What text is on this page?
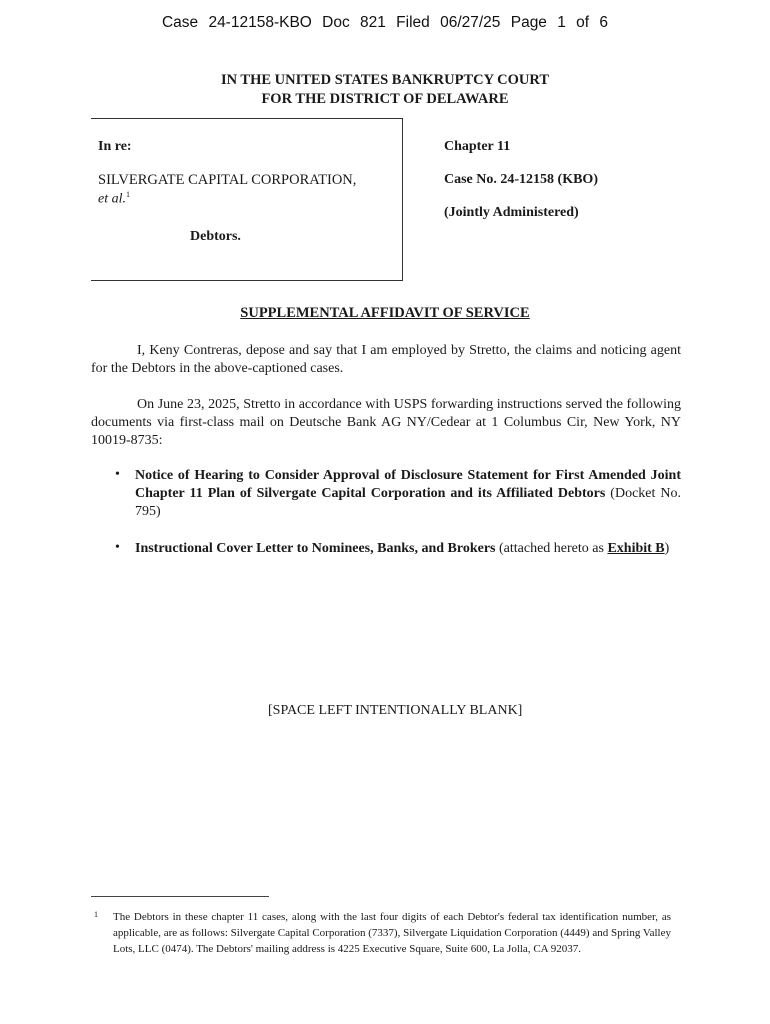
Case 24-12158-KBO Doc 821 Filed 06/27/25 Page 1 of 6
IN THE UNITED STATES BANKRUPTCY COURT
FOR THE DISTRICT OF DELAWARE
In re:
SILVERGATE CAPITAL CORPORATION,
et al.$^1$
Debtors.
Chapter 11
Case No. 24-12158 (KBO)
(Jointly Administered)
SUPPLEMENTAL AFFIDAVIT OF SERVICE
I, Keny Contreras, depose and say that I am employed by Stretto, the claims and noticing agent for the Debtors in the above-captioned cases.
On June 23, 2025, Stretto in accordance with USPS forwarding instructions served the following documents via first-class mail on Deutsche Bank AG NY/Cedear at 1 Columbus Cir, New York, NY 10019-8735:
• Notice of Hearing to Consider Approval of Disclosure Statement for First Amended Joint Chapter 11 Plan of Silvergate Capital Corporation and its Affiliated Debtors (Docket No. 795)
• Instructional Cover Letter to Nominees, Banks, and Brokers (attached hereto as Exhibit B)
[SPACE LEFT INTENTIONALLY BLANK]
1 The Debtors in these chapter 11 cases, along with the last four digits of each Debtor's federal tax identification number, as applicable, are as follows: Silvergate Capital Corporation (7337), Silvergate Liquidation Corporation (4449) and Spring Valley Lots, LLC (0474). The Debtors' mailing address is 4225 Executive Square, Suite 600, La Jolla, CA 92037.
